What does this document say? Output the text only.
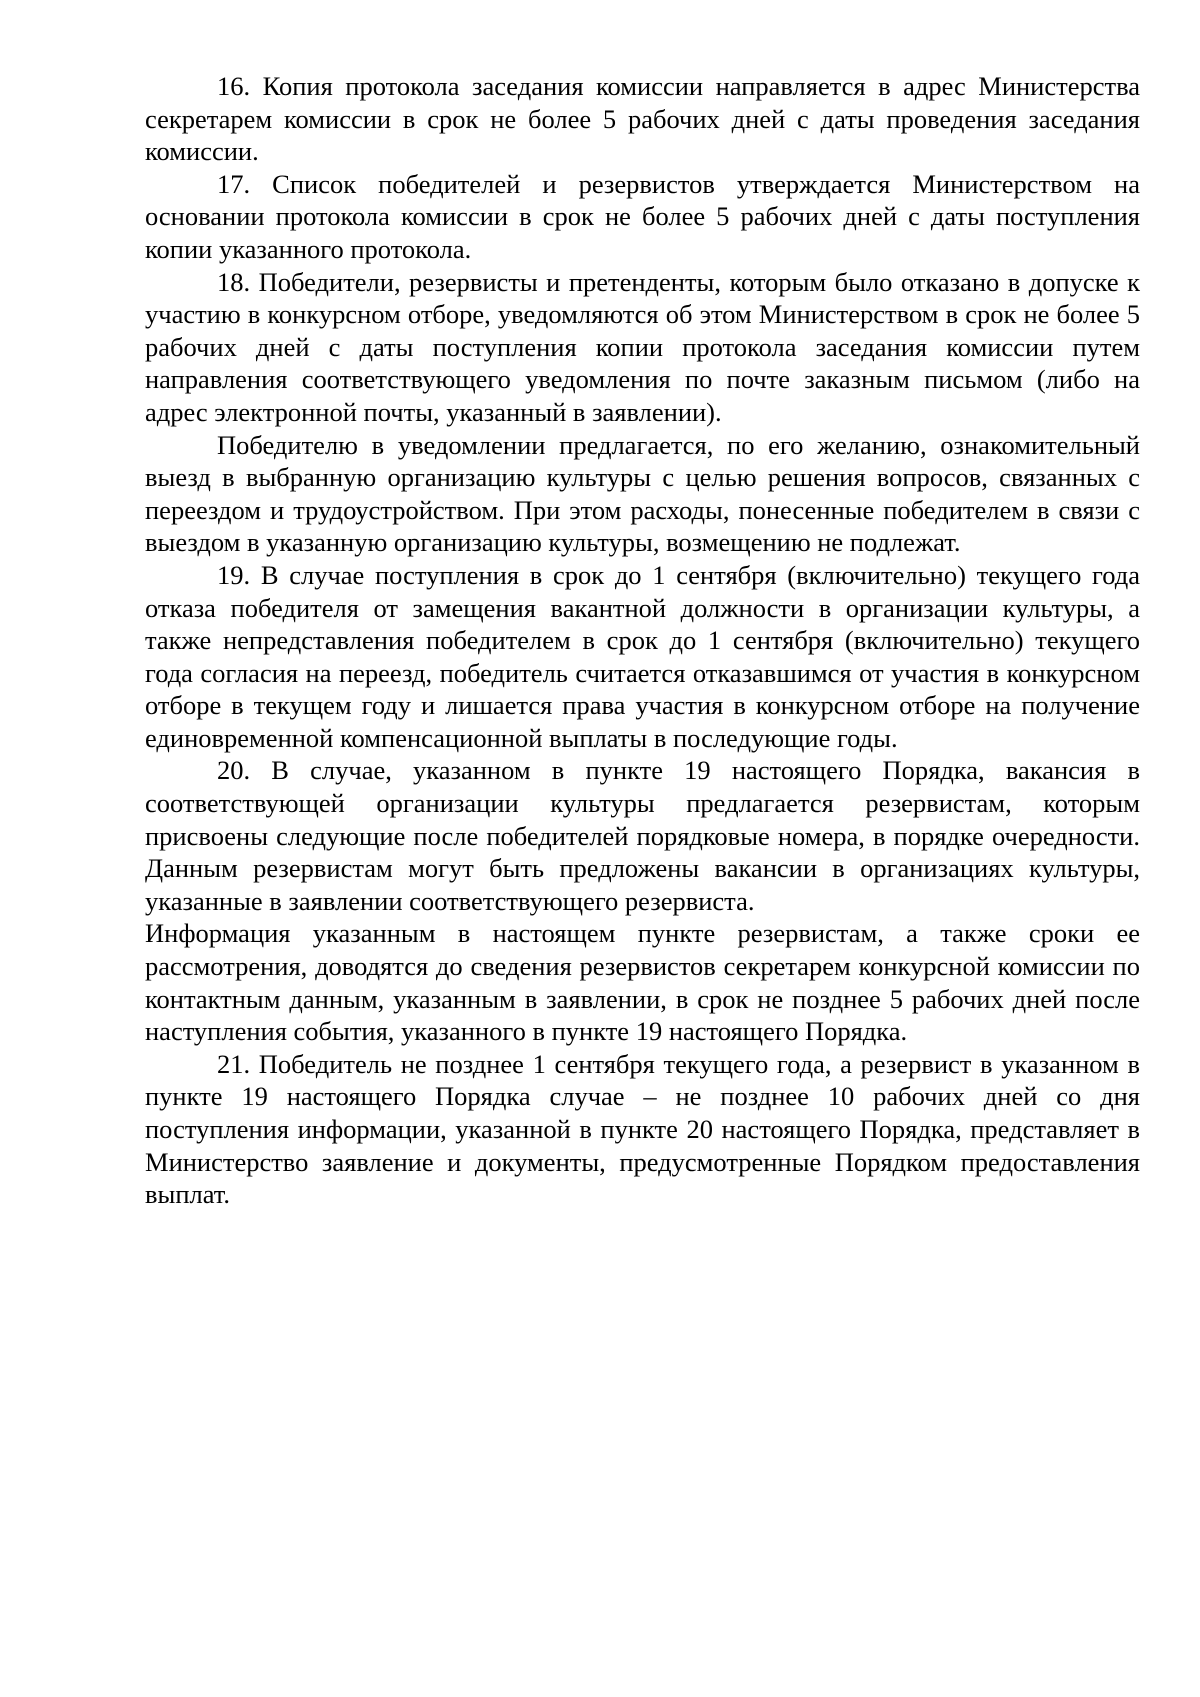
16. Копия протокола заседания комиссии направляется в адрес Министерства секретарем комиссии в срок не более 5 рабочих дней с даты проведения заседания комиссии.

17. Список победителей и резервистов утверждается Министерством на основании протокола комиссии в срок не более 5 рабочих дней с даты поступления копии указанного протокола.

18. Победители, резервисты и претенденты, которым было отказано в допуске к участию в конкурсном отборе, уведомляются об этом Министерством в срок не более 5 рабочих дней с даты поступления копии протокола заседания комиссии путем направления соответствующего уведомления по почте заказным письмом (либо на адрес электронной почты, указанный в заявлении).

Победителю в уведомлении предлагается, по его желанию, ознакомительный выезд в выбранную организацию культуры с целью решения вопросов, связанных с переездом и трудоустройством. При этом расходы, понесенные победителем в связи с выездом в указанную организацию культуры, возмещению не подлежат.

19. В случае поступления в срок до 1 сентября (включительно) текущего года отказа победителя от замещения вакантной должности в организации культуры, а также непредставления победителем в срок до 1 сентября (включительно) текущего года согласия на переезд, победитель считается отказавшимся от участия в конкурсном отборе в текущем году и лишается права участия в конкурсном отборе на получение единовременной компенсационной выплаты в последующие годы.

20. В случае, указанном в пункте 19 настоящего Порядка, вакансия в соответствующей организации культуры предлагается резервистам, которым присвоены следующие после победителей порядковые номера, в порядке очередности. Данным резервистам могут быть предложены вакансии в организациях культуры, указанные в заявлении соответствующего резервиста.

Информация указанным в настоящем пункте резервистам, а также сроки ее рассмотрения, доводятся до сведения резервистов секретарем конкурсной комиссии по контактным данным, указанным в заявлении, в срок не позднее 5 рабочих дней после наступления события, указанного в пункте 19 настоящего Порядка.

21. Победитель не позднее 1 сентября текущего года, а резервист в указанном в пункте 19 настоящего Порядка случае – не позднее 10 рабочих дней со дня поступления информации, указанной в пункте 20 настоящего Порядка, представляет в Министерство заявление и документы, предусмотренные Порядком предоставления выплат.
